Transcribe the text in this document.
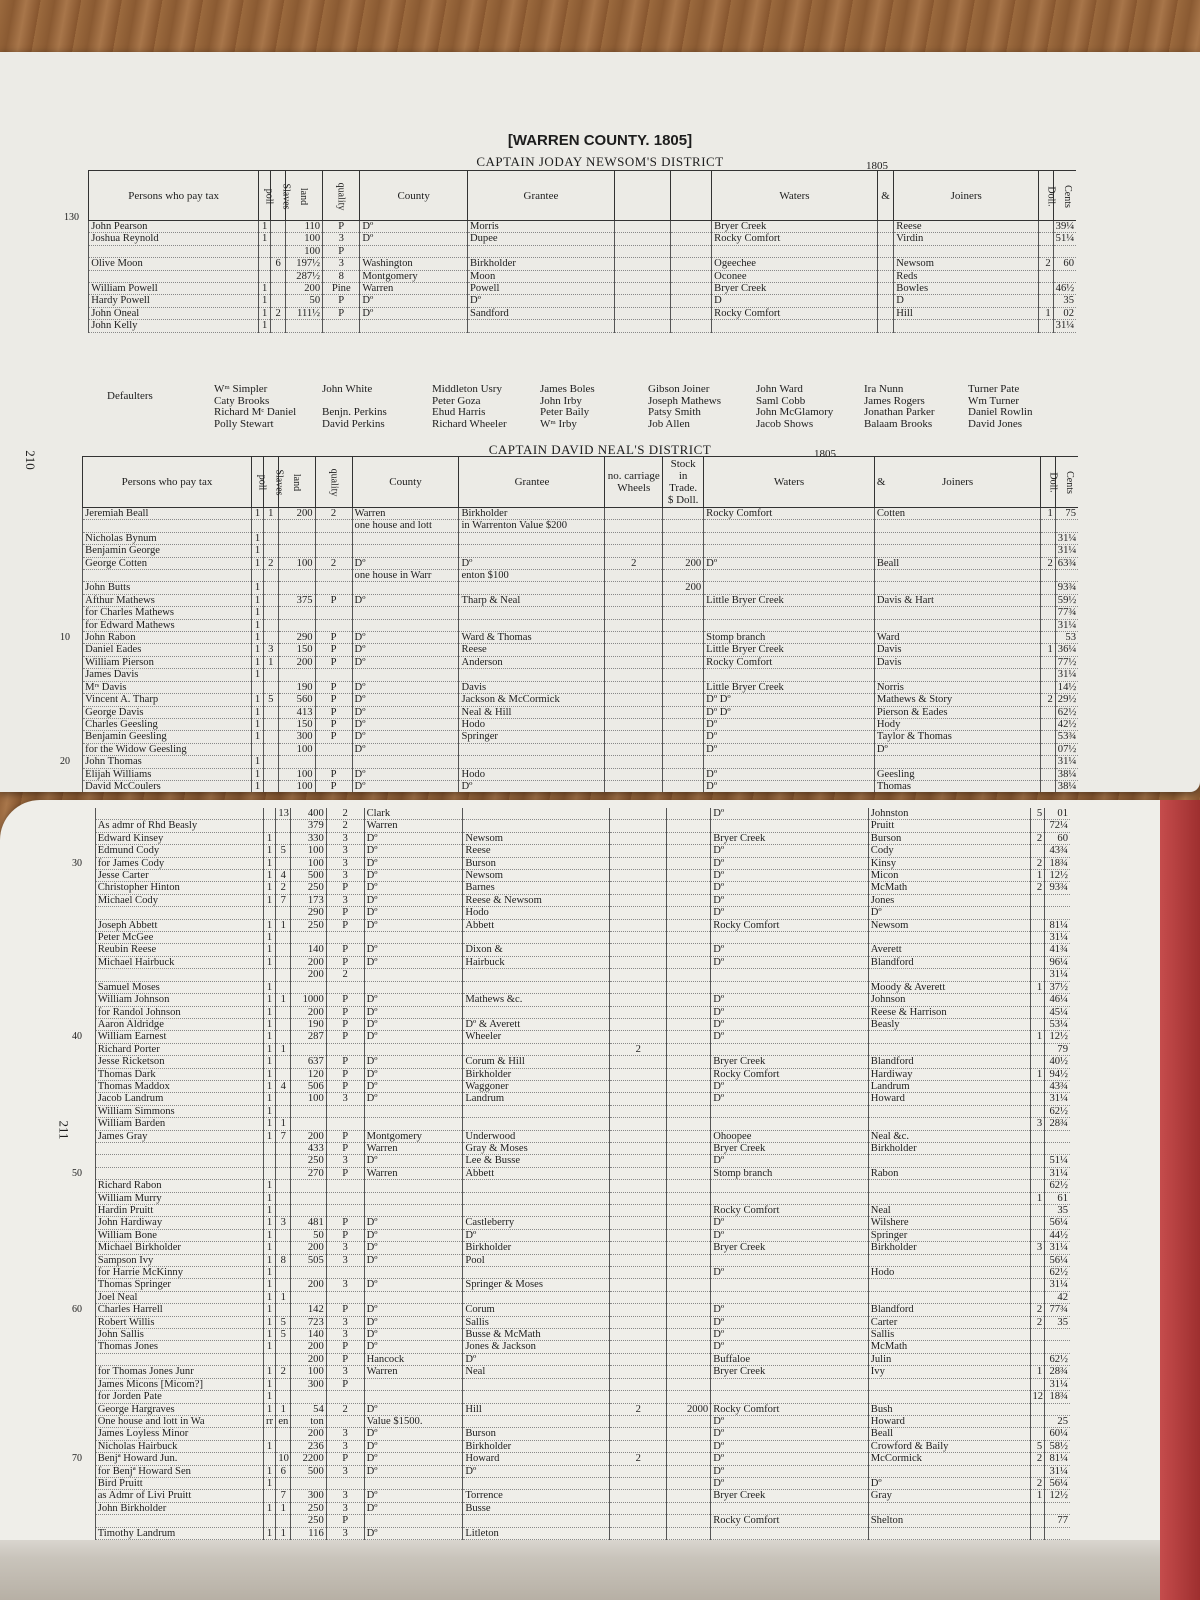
[WARREN COUNTY. 1805]
CAPTAIN JODAY NEWSOM'S DISTRICT	1805
210
130
	Persons who pay tax	poll	Slaves	land	quality	County	Grantee			Waters	&	Joiners	Doll.	Cents
	John Pearson	1		110	P	Dº	Morris			Bryer Creek		Reese		39¼
	Joshua Reynold	1		100	3	Dº	Dupee			Rocky Comfort		Virdin		51¼
				100	P									
	Olive Moon		6	197½	3	Washington	Birkholder			Ogeechee		Newsom	2	60
				287½	8	Montgomery	Moon			Oconee		Reds		
	William Powell	1		200	Pine	Warren	Powell			Bryer Creek		Bowles		46½
	Hardy Powell	1		50	P	Dº	Dº			D		D		35
	John Oneal	1	2	111½	P	Dº	Sandford			Rocky Comfort		Hill	1	02
	John Kelly	1												31¼
Defaulters
Wᵐ Simpler
Caty Brooks
Richard Mᶜ Daniel
Polly Stewart
John White

Benjn. Perkins
David Perkins
Middleton Usry
Peter Goza
Ehud Harris
Richard Wheeler
James Boles
John Irby
Peter Baily
Wᵐ Irby
Gibson Joiner
Joseph Mathews
Patsy Smith
Job Allen
John Ward
Saml Cobb
John McGlamory
Jacob Shows
Ira Nunn
James Rogers
Jonathan Parker
Balaam Brooks
Turner Pate
Wm Turner
Daniel Rowlin
David Jones
CAPTAIN DAVID NEAL'S DISTRICT	1805
	Persons who pay tax	poll	Slaves	land	quality	County	Grantee	no. carriage Wheels	Stock in Trade. $ Doll.	Waters	&	Joiners	Doll.	Cents
	Jeremiah Beall	1	1	200	2	Warren	Birkholder			Rocky Comfort		Cotten	1	75
						one house and lott	in Warrenton Value $200							
	Nicholas Bynum	1												31¼
	Benjamin George	1												31¼
	George Cotten	1	2	100	2	Dº	Dº	2	200	Dº		Beall	2	63¾
						one house in Warr	enton $100							
	John Butts	1							200					93¾
	Afthur Mathews	1		375	P	Dº	Tharp & Neal			Little Bryer Creek		Davis & Hart		59½
	for Charles Mathews	1												77¾
	for Edward Mathews	1												31¼
10	John Rabon	1		290	P	Dº	Ward & Thomas			Stomp branch		Ward		53
	Daniel Eades	1	3	150	P	Dº	Reese			Little Bryer Creek		Davis	1	36¼
	William Pierson	1	1	200	P	Dº	Anderson			Rocky Comfort		Davis		77½
	James Davis	1												31¼
	Mʳˢ Davis			190	P	Dº	Davis			Little Bryer Creek		Norris		14½
	Vincent A. Tharp	1	5	560	P	Dº	Jackson & McCormick			Dº Dº		Mathews & Story	2	29½
	George Davis	1		413	P	Dº	Neal & Hill			Dº Dº		Pierson & Eades		62½
	Charles Geesling	1		150	P	Dº	Hodo			Dº		Hody		42½
	Benjamin Geesling	1		300	P	Dº	Springer			Dº		Taylor & Thomas		53¾
	for the Widow Geesling			100		Dº				Dº		Dº		07½
20	John Thomas	1												31¼
	Elijah Williams	1		100	P	Dº	Hodo			Dº		Geesling		38¼
	David McCoulers	1		100	P	Dº	Dº			Dº		Thomas		38¼

211
			13	400	2	Clark				Dº		Johnston	5	01
	As admr of Rhd Beasly			379	2	Warren						Pruitt		72¼
	Edward Kinsey	1		330	3	Dº	Newsom			Bryer Creek		Burson	2	60
	Edmund Cody	1	5	100	3	Dº	Reese			Dº		Cody		43¾
30	for James Cody	1		100	3	Dº	Burson			Dº		Kinsy	2	18¾
	Jesse Carter	1	4	500	3	Dº	Newsom			Dº		Micon	1	12½
	Christopher Hinton	1	2	250	P	Dº	Barnes			Dº		McMath	2	93¾
	Michael Cody	1	7	173	3	Dº	Reese & Newsom			Dº		Jones		
				290	P	Dº	Hodo			Dº		Dº		
	Joseph Abbett	1	1	250	P	Dº	Abbett			Rocky Comfort		Newsom		81¼
	Peter McGee	1												31¼
	Reubin Reese	1		140	P	Dº	Dixon &			Dº		Averett		41¾
	Michael Hairbuck	1		200	P	Dº	Hairbuck			Dº		Blandford		96¼
				200	2									31¼
	Samuel Moses	1										Moody & Averett	1	37½
	William Johnson	1	1	1000	P	Dº	Mathews &c.			Dº		Johnson		46¼
	for Randol Johnson	1		200	P	Dº				Dº		Reese & Harrison		45¼
	Aaron Aldridge	1		190	P	Dº	Dº & Averett			Dº		Beasly		53¼
40	William Earnest	1		287	P	Dº	Wheeler			Dº			1	12½
	Richard Porter	1	1					2						79
	Jesse Ricketson	1		637	P	Dº	Corum & Hill			Bryer Creek		Blandford		40½
	Thomas Dark	1		120	P	Dº	Birkholder			Rocky Comfort		Hardiway	1	94½
	Thomas Maddox	1	4	506	P	Dº	Waggoner			Dº		Landrum		43¾
	Jacob Landrum	1		100	3	Dº	Landrum			Dº		Howard		31¼
	William Simmons	1												62½
	William Barden	1	1										3	28¾
	James Gray	1	7	200	P	Montgomery	Underwood			Ohoopee		Neal &c.		
				433	P	Warren	Gray & Moses			Bryer Creek		Birkholder		
				250	3	Dº	Lee & Busse			Dº				51¼
50				270	P	Warren	Abbett			Stomp branch		Rabon		31¼
	Richard Rabon	1												62½
	William Murry	1											1	61
	Hardin Pruitt	1								Rocky Comfort		Neal		35
	John Hardiway	1	3	481	P	Dº	Castleberry			Dº		Wilshere		56¼
	William Bone	1		50	P	Dº	Dº			Dº		Springer		44½
	Michael Birkholder	1		200	3	Dº	Birkholder			Bryer Creek		Birkholder	3	31¼
	Sampson Ivy	1	8	505	3	Dº	Pool							56¼
	for Harrie McKinny	1								Dº		Hodo		62½
	Thomas Springer	1		200	3	Dº	Springer & Moses							31¼
	Joel Neal	1	1											42
60	Charles Harrell	1		142	P	Dº	Corum			Dº		Blandford	2	77¾
	Robert Willis	1	5	723	3	Dº	Sallis			Dº		Carter	2	35
	John Sallis	1	5	140	3	Dº	Busse & McMath			Dº		Sallis		
	Thomas Jones	1		200	P	Dº	Jones & Jackson			Dº		McMath		
				200	P	Hancock	Dº			Buffaloe		Julin		62½
	for Thomas Jones Junr	1	2	100	3	Warren	Neal			Bryer Creek		Ivy	1	28¾
	James Micons [Micom?]	1		300	P									31¼
	for Jorden Pate	1											12	18¾
	George Hargraves	1	1	54	2	Dº	Hill	2	2000	Rocky Comfort		Bush		
	One house and lott in Wa	rr	en	ton		Value $1500.				Dº		Howard		25
	James Loyless Minor			200	3	Dº	Burson			Dº		Beall		60¼
	Nicholas Hairbuck	1		236	3	Dº	Birkholder			Dº		Crowford & Baily	5	58½
70	Benjª Howard Jun.		10	2200	P	Dº	Howard	2		Dº		McCormick	2	81¼
	for Benjª Howard Sen	1	6	500	3	Dº	Dº			Dº				31¼
	Bird Pruitt	1								Dº		Dº	2	56¼
	as Admr of Livi Pruitt		7	300	3	Dº	Torrence			Bryer Creek		Gray	1	12½
	John Birkholder	1	1	250	3	Dº	Busse							
				250	P					Rocky Comfort		Shelton		77
	Timothy Landrum	1	1	116	3	Dº	Litleton							
